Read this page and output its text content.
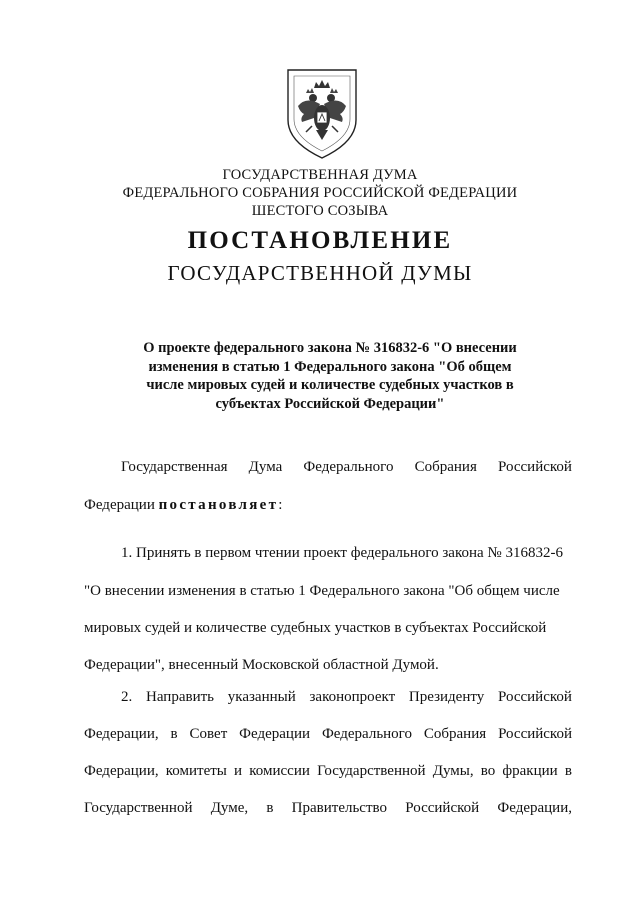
ГОСУДАРСТВЕННАЯ ДУМА
ФЕДЕРАЛЬНОГО СОБРАНИЯ РОССИЙСКОЙ ФЕДЕРАЦИИ
ШЕСТОГО СОЗЫВА
ПОСТАНОВЛЕНИЕ
ГОСУДАРСТВЕННОЙ ДУМЫ
О проекте федерального закона № 316832-6 "О внесении
изменения в статью 1 Федерального закона "Об общем
числе мировых судей и количестве судебных участков в
субъектах Российской Федерации"
Государственная Дума Федерального Собрания Российской
Федерации постановляет:
1. Принять в первом чтении проект федерального закона № 316832-6
"О внесении изменения в статью 1 Федерального закона "Об общем числе
мировых судей и количестве судебных участков в субъектах Российской
Федерации", внесенный Московской областной Думой.
2. Направить указанный законопроект Президенту Российской
Федерации, в Совет Федерации Федерального Собрания Российской
Федерации, комитеты и комиссии Государственной Думы, во фракции в
Государственной Думе, в Правительство Российской Федерации,
